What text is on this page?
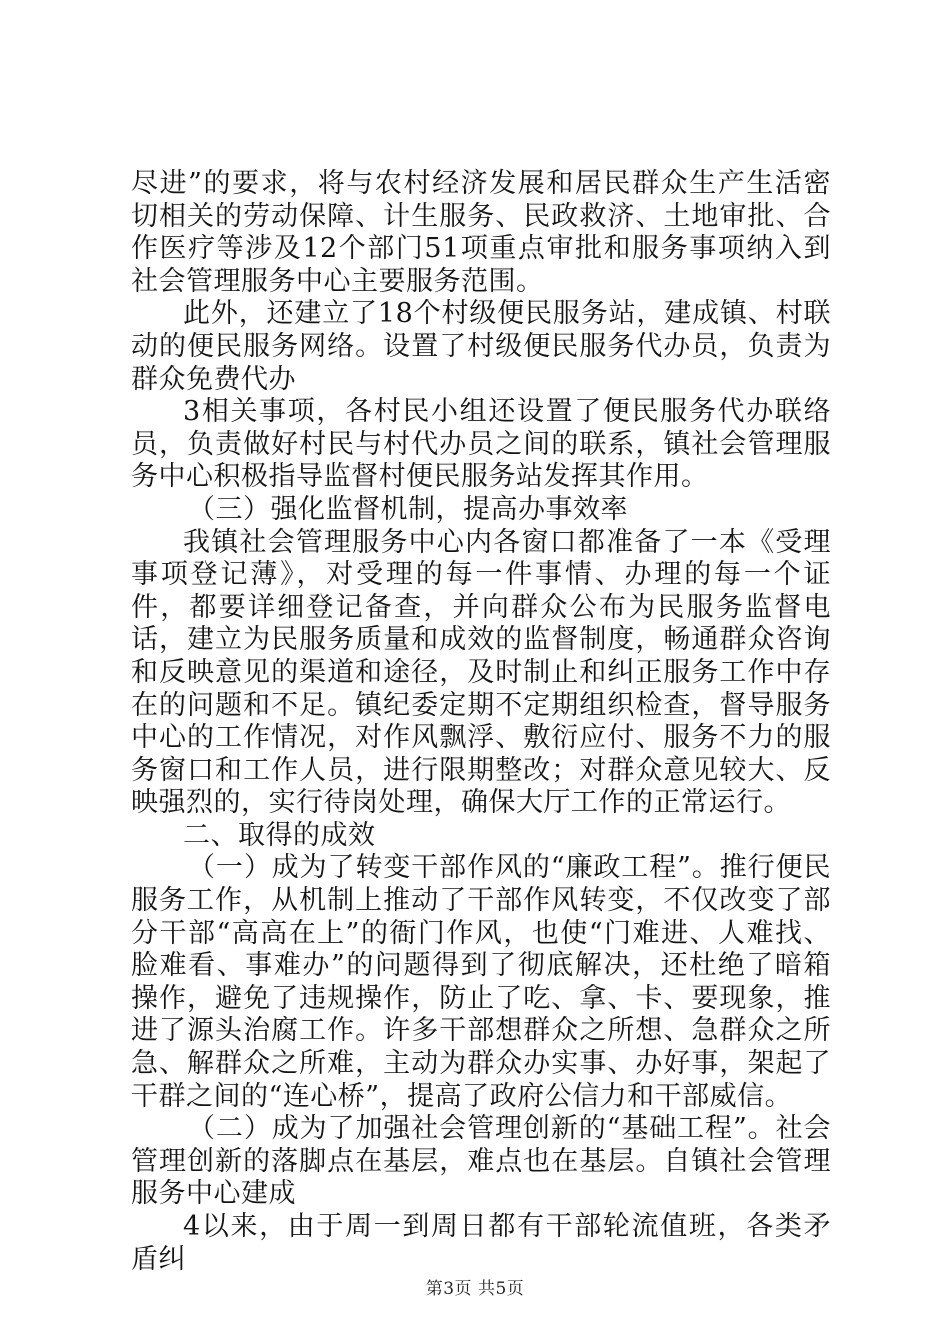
尽进”的要求，将与农村经济发展和居民群众生产生活密切相关的劳动保障、计生服务、民政救济、土地审批、合作医疗等涉及12个部门51项重点审批和服务事项纳入到社会管理服务中心主要服务范围。

此外，还建立了18个村级便民服务站，建成镇、村联动的便民服务网络。设置了村级便民服务代办员，负责为群众免费代办

3相关事项，各村民小组还设置了便民服务代办联络员，负责做好村民与村代办员之间的联系，镇社会管理服务中心积极指导监督村便民服务站发挥其作用。

（三）强化监督机制，提高办事效率

我镇社会管理服务中心内各窗口都准备了一本《受理事项登记薄》，对受理的每一件事情、办理的每一个证件，都要详细登记备查，并向群众公布为民服务监督电话，建立为民服务质量和成效的监督制度，畅通群众咨询和反映意见的渠道和途径，及时制止和纠正服务工作中存在的问题和不足。镇纪委定期不定期组织检查，督导服务中心的工作情况，对作风飘浮、敷衍应付、服务不力的服务窗口和工作人员，进行限期整改；对群众意见较大、反映强烈的，实行待岗处理，确保大厅工作的正常运行。

二、取得的成效

（一）成为了转变干部作风的“廉政工程”。推行便民服务工作，从机制上推动了干部作风转变，不仅改变了部分干部“高高在上”的衙门作风，也使“门难进、人难找、脸难看、事难办”的问题得到了彻底解决，还杜绝了暗箱操作，避免了违规操作，防止了吃、拿、卡、要现象，推进了源头治腐工作。许多干部想群众之所想、急群众之所急、解群众之所难，主动为群众办实事、办好事，架起了干群之间的“连心桥”，提高了政府公信力和干部威信。

（二）成为了加强社会管理创新的“基础工程”。社会管理创新的落脚点在基层，难点也在基层。自镇社会管理服务中心建成

4以来，由于周一到周日都有干部轮流值班，各类矛盾纠

第3页 共5页
